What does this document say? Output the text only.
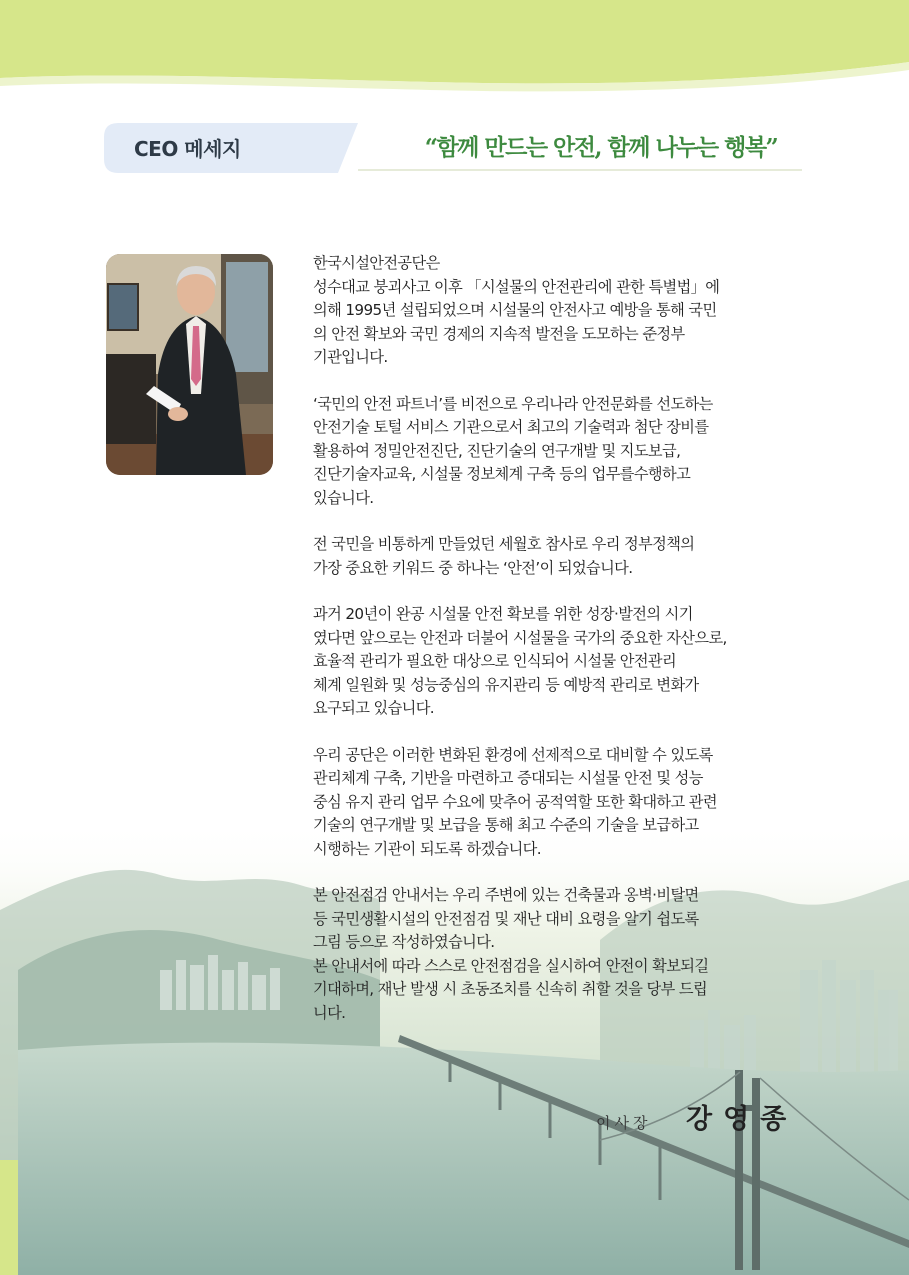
CEO 메세지	“함께 만드는 안전, 함께 나누는 행복”

한국시설안전공단은
성수대교 붕괴사고 이후 「시설물의 안전관리에 관한 특별법」에
의해 1995년 설립되었으며 시설물의 안전사고 예방을 통해 국민
의 안전 확보와 국민 경제의 지속적 발전을 도모하는 준정부
기관입니다.

‘국민의 안전 파트너’를 비전으로 우리나라 안전문화를 선도하는
안전기술 토털 서비스 기관으로서 최고의 기술력과 첨단 장비를
활용하여 정밀안전진단, 진단기술의 연구개발 및 지도보급,
진단기술자교육, 시설물 정보체계 구축 등의 업무를수행하고
있습니다.

전 국민을 비통하게 만들었던 세월호 참사로 우리 정부정책의
가장 중요한 키워드 중 하나는 ‘안전’이 되었습니다.

과거 20년이 완공 시설물 안전 확보를 위한 성장·발전의 시기
였다면 앞으로는 안전과 더불어 시설물을 국가의 중요한 자산으로,
효율적 관리가 필요한 대상으로 인식되어 시설물 안전관리
체계 일원화 및 성능중심의 유지관리 등 예방적 관리로 변화가
요구되고 있습니다.

우리 공단은 이러한 변화된 환경에 선제적으로 대비할 수 있도록
관리체계 구축, 기반을 마련하고 증대되는 시설물 안전 및 성능
중심 유지 관리 업무 수요에 맞추어 공적역할 또한 확대하고 관련
기술의 연구개발 및 보급을 통해 최고 수준의 기술을 보급하고
시행하는 기관이 되도록 하겠습니다.

본 안전점검 안내서는 우리 주변에 있는 건축물과 옹벽·비탈면
등 국민생활시설의 안전점검 및 재난 대비 요령을 알기 쉽도록
그림 등으로 작성하였습니다.
본 안내서에 따라 스스로 안전점검을 실시하여 안전이 확보되길
기대하며, 재난 발생 시 초동조치를 신속히 취할 것을 당부 드립
니다.

이사장 강영종
